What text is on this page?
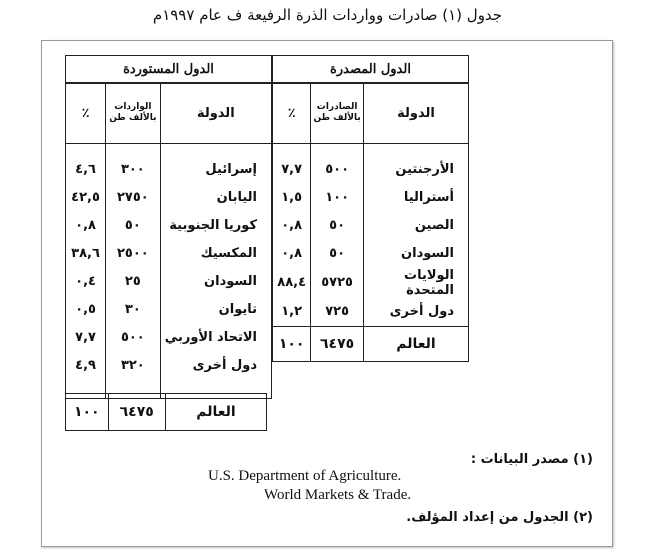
جدول (١) صادرات وواردات الذرة الرفيعة ف عام ١٩٩٧م
الدول المصدرة		
الدولة	الصادرات بالألف طن	٪

الأرجنتين	٥٠٠	٧,٧
أستراليا	١٠٠	١,٥
الصين	٥٠	٠,٨
السودان	٥٠	٠,٨
الولايات المتحدة	٥٧٢٥	٨٨,٤
دول أخرى	٧٢٥	١,٢
العالم	٦٤٧٥	١٠٠
الدول المستوردة		
الدولة	الواردات بالألف طن	٪

إسرائيل	٣٠٠	٤,٦
اليابان	٢٧٥٠	٤٢,٥
كوريا الجنوبية	٥٠	٠,٨
المكسيك	٢٥٠٠	٣٨,٦
السودان	٢٥	٠,٤
تايوان	٣٠	٠,٥
الاتحاد الأوربي	٥٠٠	٧,٧
دول أخرى	٣٢٠	٤,٩

العالم	٦٤٧٥	١٠٠
(١) مصدر البيانات :
U.S. Department of Agriculture.
World Markets & Trade.
(٢) الجدول من إعداد المؤلف.
